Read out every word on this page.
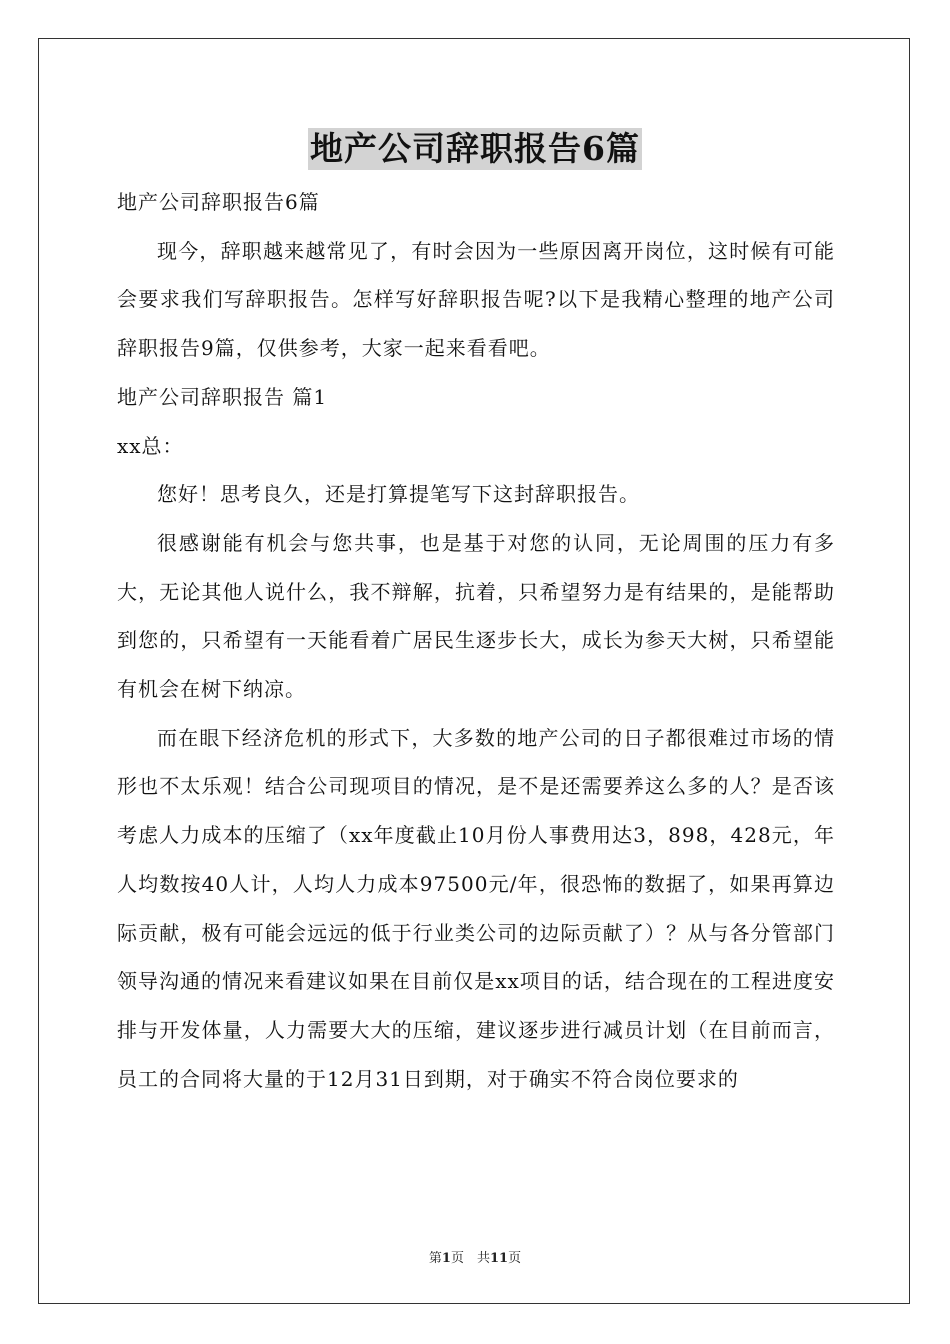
地产公司辞职报告6篇

地产公司辞职报告6篇

现今，辞职越来越常见了，有时会因为一些原因离开岗位，这时候有可能会要求我们写辞职报告。怎样写好辞职报告呢?以下是我精心整理的地产公司辞职报告9篇，仅供参考，大家一起来看看吧。

地产公司辞职报告 篇1

xx总：

您好！思考良久，还是打算提笔写下这封辞职报告。

很感谢能有机会与您共事，也是基于对您的认同，无论周围的压力有多大，无论其他人说什么，我不辩解，抗着，只希望努力是有结果的，是能帮助到您的，只希望有一天能看着广居民生逐步长大，成长为参天大树，只希望能有机会在树下纳凉。

而在眼下经济危机的形式下，大多数的地产公司的日子都很难过市场的情形也不太乐观！结合公司现项目的情况，是不是还需要养这么多的人？是否该考虑人力成本的压缩了（xx年度截止10月份人事费用达3，898，428元，年人均数按40人计，人均人力成本97500元/年，很恐怖的数据了，如果再算边际贡献，极有可能会远远的低于行业类公司的边际贡献了）？从与各分管部门领导沟通的情况来看建议如果在目前仅是xx项目的话，结合现在的工程进度安排与开发体量，人力需要大大的压缩，建议逐步进行减员计划（在目前而言，员工的合同将大量的于12月31日到期，对于确实不符合岗位要求的

第1页　共11页
